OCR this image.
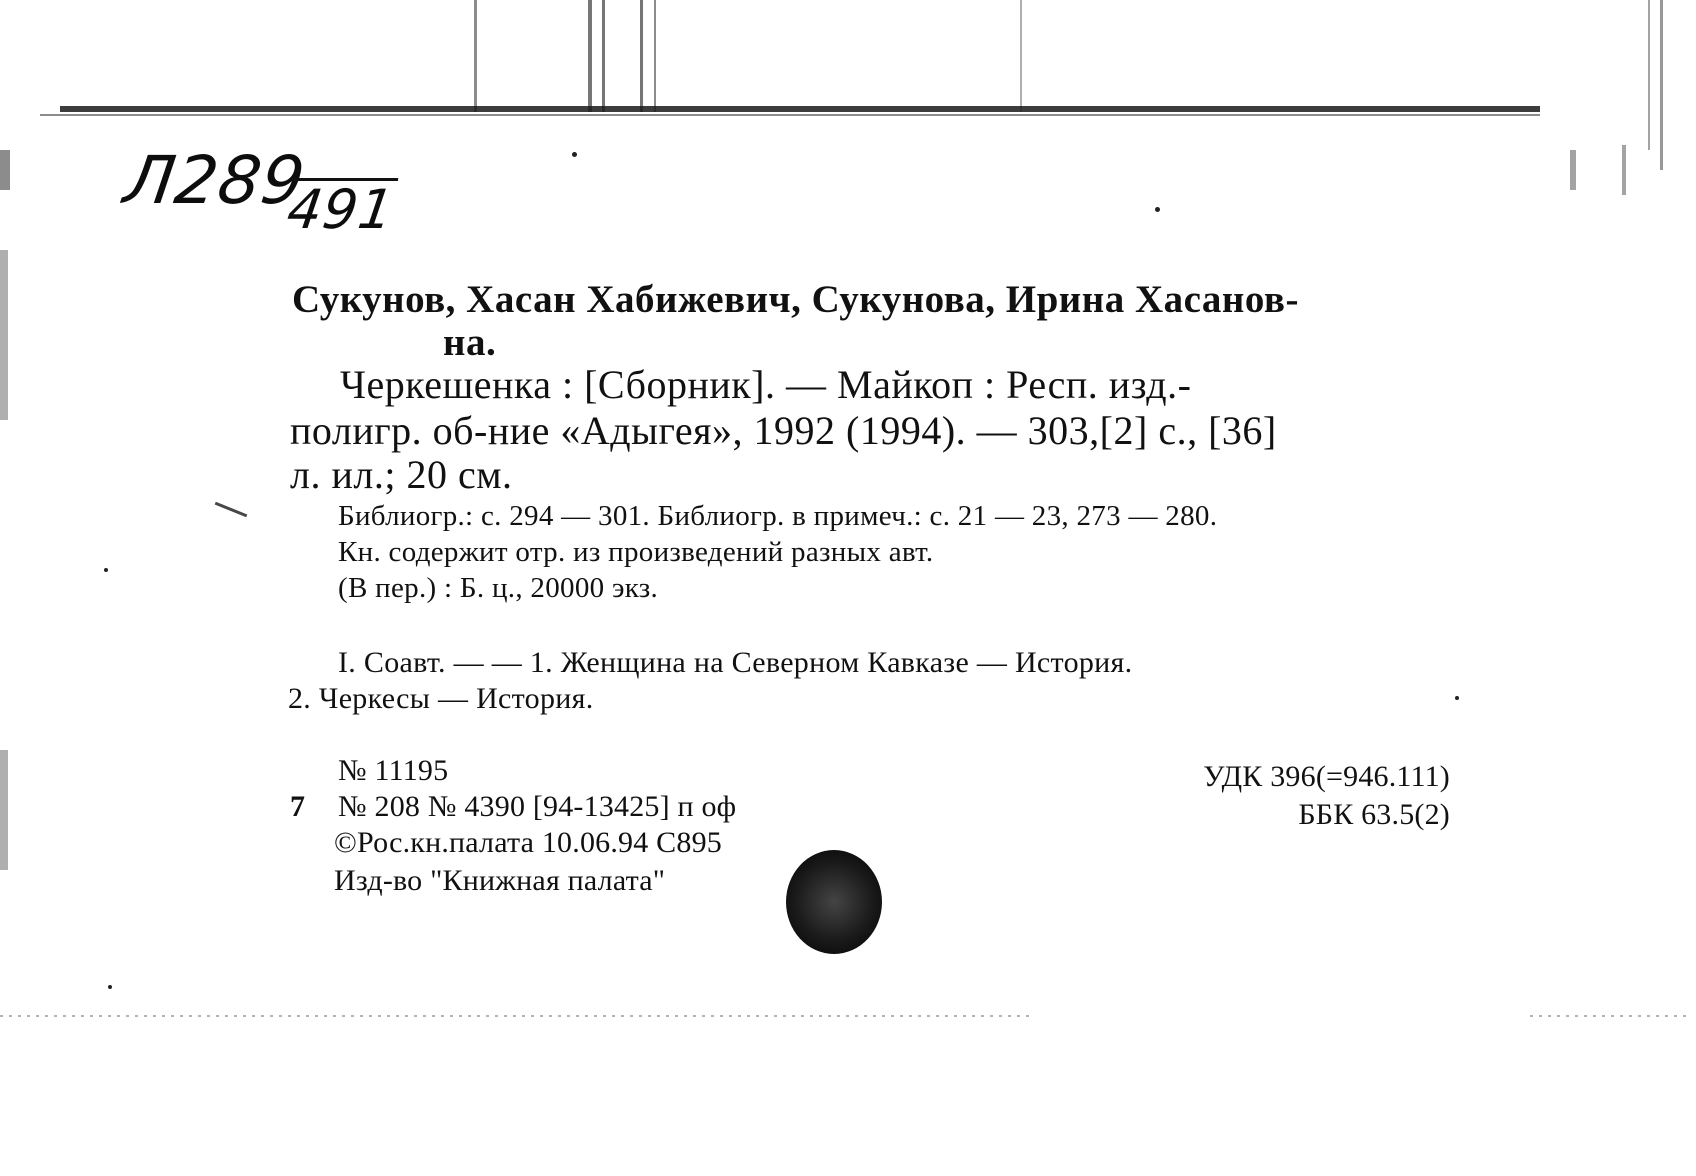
Л289
491
Сукунов, Хасан Хабижевич, Сукунова, Ирина Хасанов-
на.
Черкешенка : [Сборник]. — Майкоп : Респ. изд.-
полигр. об-ние «Адыгея», 1992 (1994). — 303,[2] с., [36]
л. ил.; 20 см.
Библиогр.: с. 294 — 301. Библиогр. в примеч.: с. 21 — 23, 273 — 280.
Кн. содержит отр. из произведений разных авт.
(В пер.) : Б. ц., 20000 экз.
I. Соавт. — — 1. Женщина на Северном Кавказе — История.
2. Черкесы — История.
№ 11195
7 № 208 № 4390 [94-13425] п оф
©Рос.кн.палата 10.06.94 С895
Изд-во "Книжная палата"
УДК 396(=946.111)
ББК 63.5(2)
